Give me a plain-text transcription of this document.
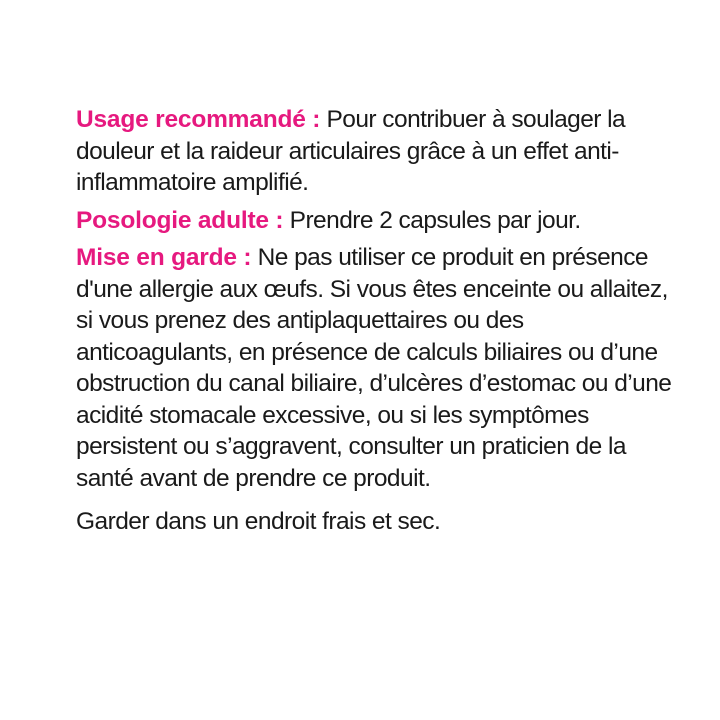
Usage recommandé : Pour contribuer à soulager la douleur et la raideur articulaires grâce à un effet anti-inflammatoire amplifié.

Posologie adulte : Prendre 2 capsules par jour.

Mise en garde : Ne pas utiliser ce produit en présence d'une allergie aux œufs. Si vous êtes enceinte ou allaitez, si vous prenez des antiplaquettaires ou des anticoagulants, en présence de calculs biliaires ou d’une obstruction du canal biliaire, d’ulcères d’estomac ou d’une acidité stomacale excessive, ou si les symptômes persistent ou s’aggravent, consulter un praticien de la santé avant de prendre ce produit.

Garder dans un endroit frais et sec.
